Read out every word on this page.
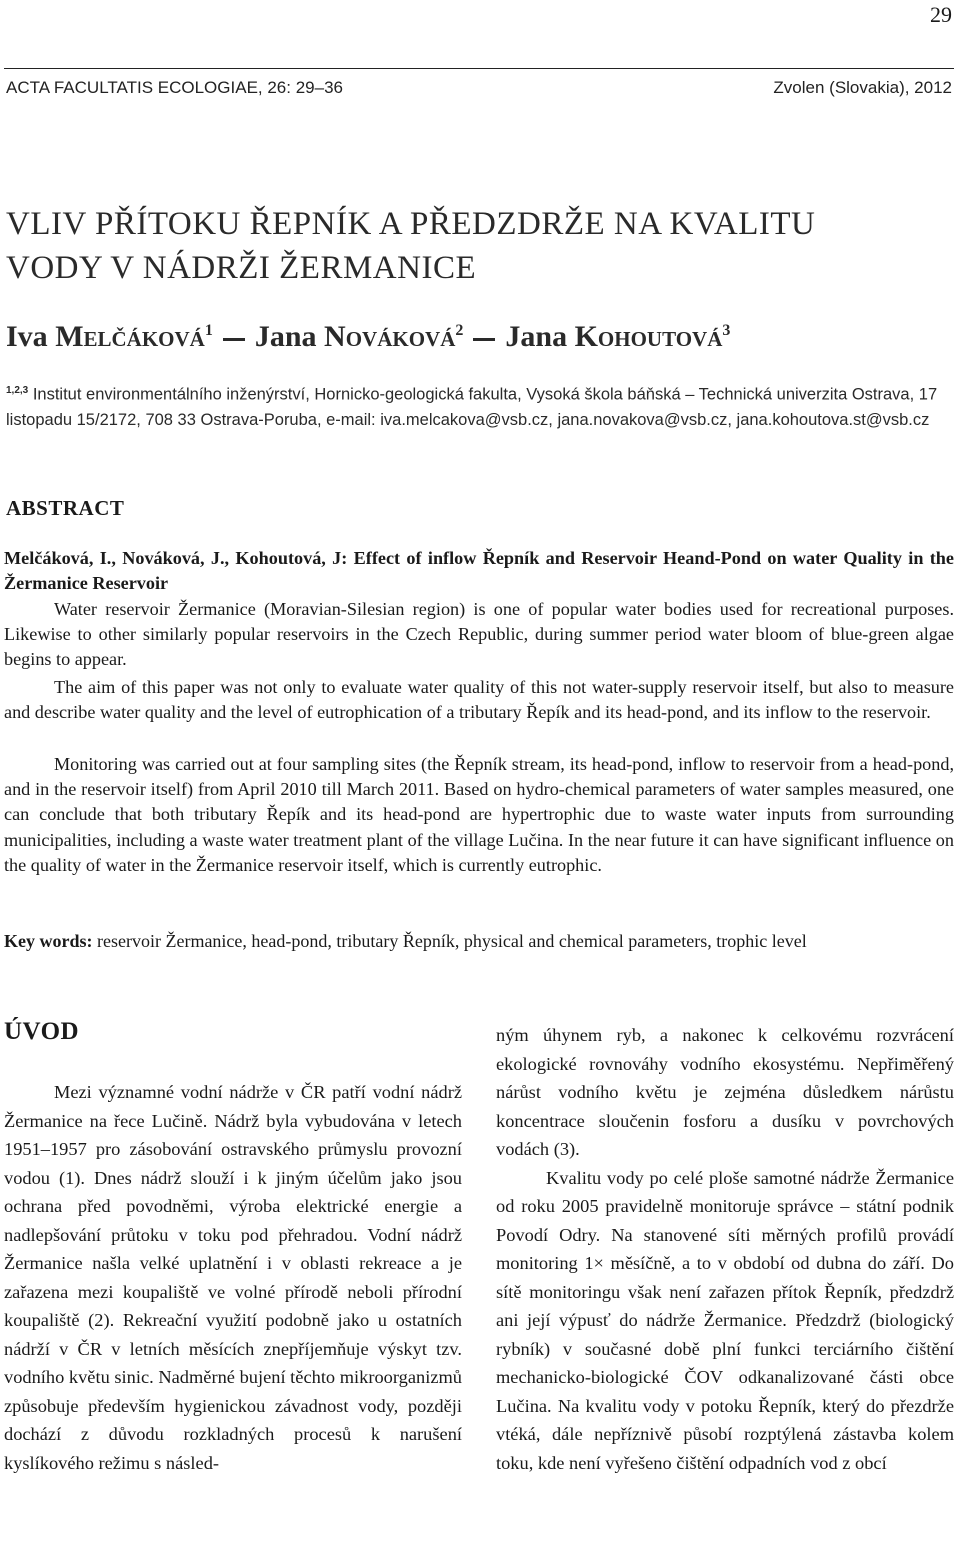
29
ACTA FACULTATIS ECOLOGIAE, 26: 29–36	Zvolen (Slovakia), 2012
VLIV PŘÍTOKU ŘEPNÍK A PŘEDZDRŽE NA KVALITU
VODY V NÁDRŽI ŽERMANICE
Iva Melčáková$^1$ Jana Nováková$^2$ Jana Kohoutová$^3$
$^{1,2,3}$ Institut environmentálního inženýrství, Hornicko-geologická fakulta, Vysoká škola báňská – Technická univerzita Ostrava, 17 listopadu 15/2172, 708 33 Ostrava-Poruba, e-mail: iva.melcakova@vsb.cz, jana.novakova@vsb.cz, jana.kohoutova.st@vsb.cz
ABSTRACT

Melčáková, I., Nováková, J., Kohoutová, J: Effect of inflow Řepník and Reservoir Heand-Pond on water Quality in the Žermanice Reservoir

Water reservoir Žermanice (Moravian-Silesian region) is one of popular water bodies used for recreational purposes. Likewise to other similarly popular reservoirs in the Czech Republic, during summer period water bloom of blue-green algae begins to appear.

The aim of this paper was not only to evaluate water quality of this not water-supply reservoir itself, but also to measure and describe water quality and the level of eutrophication of a tributary Řepík and its head-pond, and its inflow to the reservoir.

Monitoring was carried out at four sampling sites (the Řepník stream, its head-pond, inflow to reservoir from a head-pond, and in the reservoir itself) from April 2010 till March 2011. Based on hydro-chemical parameters of water samples measured, one can conclude that both tributary Řepík and its head-pond are hypertrophic due to waste water inputs from surrounding municipalities, including a waste water treatment plant of the village Lučina. In the near future it can have significant influence on the quality of water in the Žermanice reservoir itself, which is currently eutrophic.

Key words: reservoir Žermanice, head-pond, tributary Řepník, physical and chemical parameters, trophic level

ÚVOD

Mezi významné vodní nádrže v ČR patří vodní nádrž Žermanice na řece Lučině. Nádrž byla vybudována v letech 1951–1957 pro zásobování ostravského průmyslu provozní vodou (1). Dnes nádrž slouží i k jiným účelům jako jsou ochrana před povodněmi, výroba elektrické energie a nadlepšování průtoku v toku pod přehradou. Vodní nádrž Žermanice našla velké uplatnění i v oblasti rekreace a je zařazena mezi koupaliště ve volné přírodě neboli přírodní koupaliště (2). Rekreační využití podobně jako u ostatních nádrží v ČR v letních měsících znepříjemňuje výskyt tzv. vodního květu sinic. Nadměrné bujení těchto mikroorganizmů způsobuje především hygienickou závadnost vody, později dochází z důvodu rozkladných procesů k narušení kyslíkového režimu s násled-

ným úhynem ryb, a nakonec k celkovému rozvrácení ekologické rovnováhy vodního ekosystému. Nepřiměřený nárůst vodního květu je zejména důsledkem nárůstu koncentrace sloučenin fosforu a dusíku v povrchových vodách (3).

Kvalitu vody po celé ploše samotné nádrže Žermanice od roku 2005 pravidelně monitoruje správce – státní podnik Povodí Odry. Na stanovené síti měrných profilů provádí monitoring 1× měsíčně, a to v období od dubna do září. Do sítě monitoringu však není zařazen přítok Řepník, předzdrž ani její výpusť do nádrže Žermanice. Předzdrž (biologický rybník) v současné době plní funkci terciárního čištění mechanicko-biologické ČOV odkanalizované části obce Lučina. Na kvalitu vody v potoku Řepník, který do přezdrže vtéká, dále nepříznivě působí rozptýlená zástavba kolem toku, kde není vyřešeno čištění odpadních vod z obcí
